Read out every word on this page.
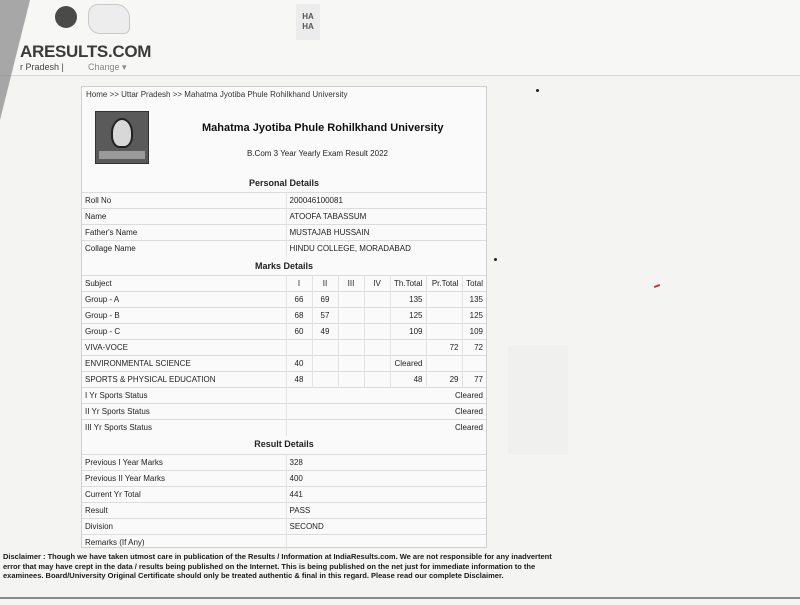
ARESULTS.COM
r Pradesh |	Change ▾
HA
HA
Home >> Uttar Pradesh >> Mahatma Jyotiba Phule Rohilkhand University
Mahatma Jyotiba Phule Rohilkhand University
B.Com 3 Year Yearly Exam Result 2022
Personal Details
Roll No	200046100081
Name	ATOOFA TABASSUM
Father's Name	MUSTAJAB HUSSAIN
Collage Name	HINDU COLLEGE, MORADABAD
Marks Details
Subject	I	II	III	IV	Th.Total	Pr.Total	Total
Group - A	66	69			135		135
Group - B	68	57			125		125
Group - C	60	49			109		109
VIVA-VOCE						72	72
ENVIRONMENTAL SCIENCE	40				Cleared		
SPORTS & PHYSICAL EDUCATION	48				48	29	77
I Yr Sports Status	Cleared						
II Yr Sports Status	Cleared						
III Yr Sports Status	Cleared						
Result Details
Previous I Year Marks	328
Previous II Year Marks	400
Current Yr Total	441
Result	PASS
Division	SECOND
Remarks (If Any)	
Disclaimer : Though we have taken utmost care in publication of the Results / Information at IndiaResults.com. We are not responsible for any inadvertent error that may have crept in the data / results being published on the Internet. This is being published on the net just for immediate information to the examinees. Board/University Original Certificate should only be treated authentic & final in this regard. Please read our complete Disclaimer.
